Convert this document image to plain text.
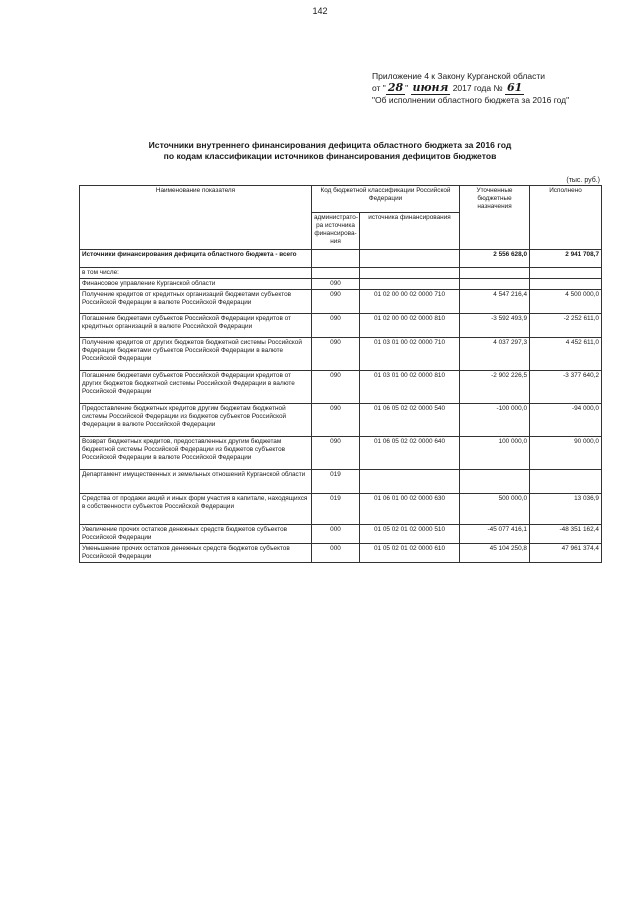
142
Приложение 4 к Закону Курганской области
от " 28 " июня 2017 года № 61
"Об исполнении областного бюджета за 2016 год"
Источники внутреннего финансирования дефицита областного бюджета за 2016 год
по кодам классификации источников финансирования дефицитов бюджетов
(тыс. руб.)
Наименование показателя	Код бюджетной классификации Российской Федерации		Уточненные бюджетные назначения	Исполнено
	администрато-ра источника финансирова-ния	источника финансирования		
Источники финансирования дефицита областного бюджета - всего			2 556 628,0	2 941 708,7
в том числе:				
Финансовое управление Курганской области	090			
Получение кредитов от кредитных организаций бюджетами субъектов Российской Федерации в валюте Российской Федерации	090	01 02 00 00 02 0000 710	4 547 216,4	4 500 000,0
Погашение бюджетами субъектов Российской Федерации кредитов от кредитных организаций в валюте Российской Федерации	090	01 02 00 00 02 0000 810	-3 592 493,9	-2 252 611,0
Получение кредитов от других бюджетов бюджетной системы Российской Федерации бюджетами субъектов Российской Федерации в валюте Российской Федерации	090	01 03 01 00 02 0000 710	4 037 297,3	4 452 611,0
Погашение бюджетами субъектов Российской Федерации кредитов от других бюджетов бюджетной системы Российской Федерации в валюте Российской Федерации	090	01 03 01 00 02 0000 810	-2 902 226,5	-3 377 640,2
Предоставление бюджетных кредитов другим бюджетам бюджетной системы Российской Федерации из бюджетов субъектов Российской Федерации в валюте Российской Федерации	090	01 06 05 02 02 0000 540	-100 000,0	-94 000,0
Возврат бюджетных кредитов, предоставленных другим бюджетам бюджетной системы Российской Федерации из бюджетов субъектов Российской Федерации в валюте Российской Федерации	090	01 06 05 02 02 0000 640	100 000,0	90 000,0
Департамент имущественных и земельных отношений Курганской области	019			
Средства от продажи акций и иных форм участия в капитале, находящихся в собственности субъектов Российской Федерации	019	01 06 01 00 02 0000 630	500 000,0	13 036,9
Увеличение прочих остатков денежных средств бюджетов субъектов Российской Федерации	000	01 05 02 01 02 0000 510	-45 077 416,1	-48 351 162,4
Уменьшение прочих остатков денежных средств бюджетов субъектов Российской Федерации	000	01 05 02 01 02 0000 610	45 104 250,8	47 961 374,4
